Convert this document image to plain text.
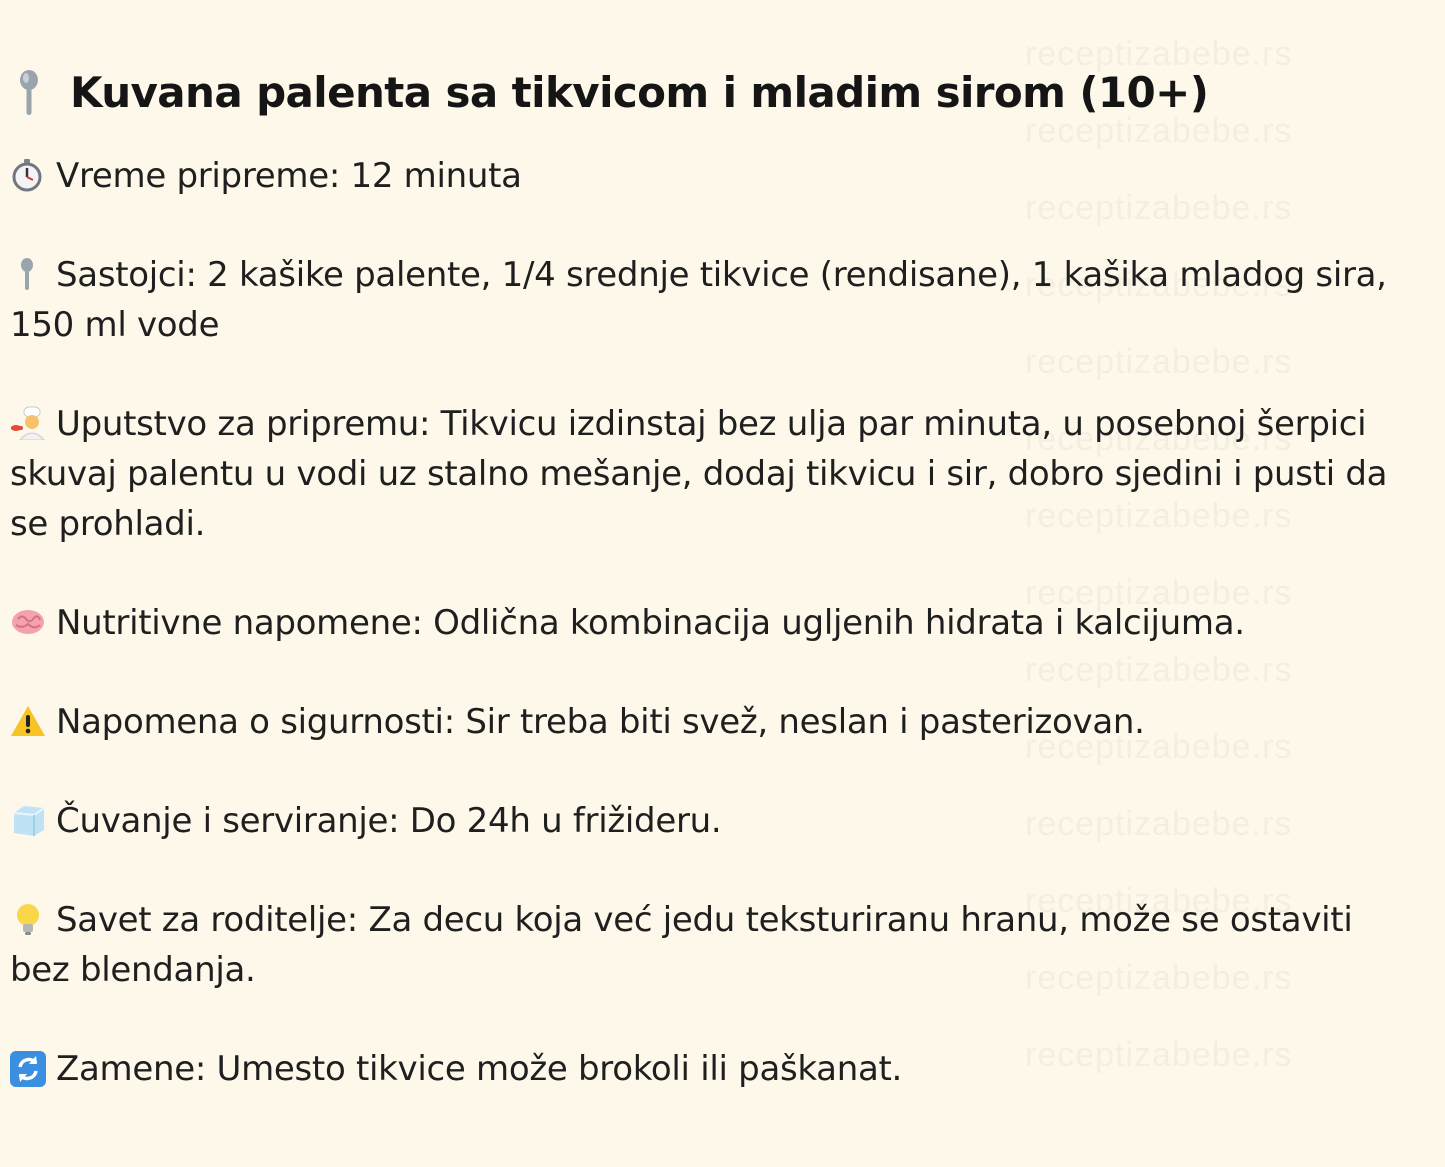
Kuvana palenta sa tikvicom i mladim sirom (10+)
Vreme pripreme: 12 minuta
Sastojci: 2 kašike palente, 1/4 srednje tikvice (rendisane), 1 kašika mladog sira, 150 ml vode
Uputstvo za pripremu: Tikvicu izdinstaj bez ulja par minuta, u posebnoj šerpici skuvaj palentu u vodi uz stalno mešanje, dodaj tikvicu i sir, dobro sjedini i pusti da se prohladi.
Nutritivne napomene: Odlična kombinacija ugljenih hidrata i kalcijuma.
Napomena o sigurnosti: Sir treba biti svež, neslan i pasterizovan.
Čuvanje i serviranje: Do 24h u frižideru.
Savet za roditelje: Za decu koja već jedu teksturiranu hranu, može se ostaviti bez blendanja.
Zamene: Umesto tikvice može brokoli ili paškanat.
